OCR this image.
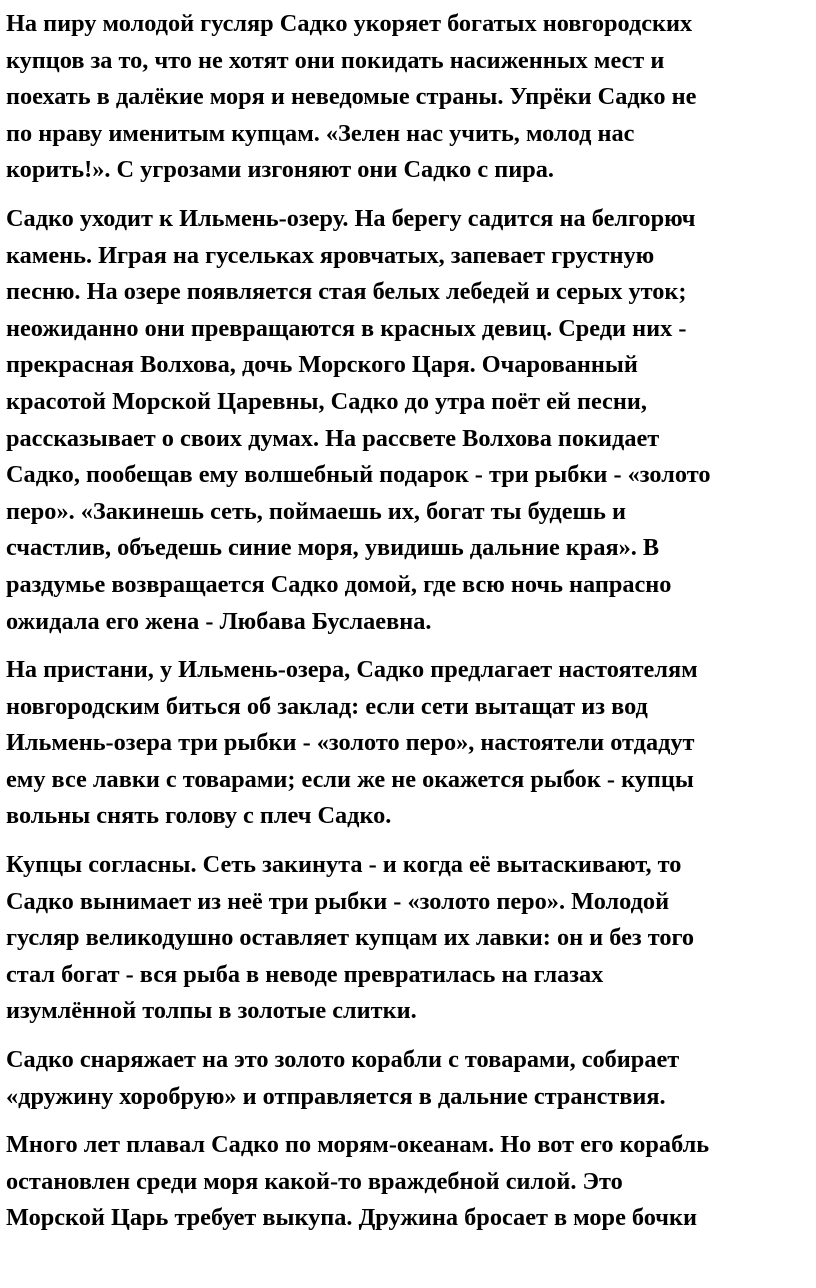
На пиру молодой гусляр Садко укоряет богатых новгородских
купцов за то, что не хотят они покидать насиженных мест и
поехать в далёкие моря и неведомые страны. Упрёки Садко не
по нраву именитым купцам. «Зелен нас учить, молод нас
корить!». С угрозами изгоняют они Садко с пира.

Садко уходит к Ильмень-озеру. На берегу садится на белгорюч
камень. Играя на гусельках яровчатых, запевает грустную
песню. На озере появляется стая белых лебедей и серых уток;
неожиданно они превращаются в красных девиц. Среди них -
прекрасная Волхова, дочь Морского Царя. Очарованный
красотой Морской Царевны, Садко до утра поёт ей песни,
рассказывает о своих думах. На рассвете Волхова покидает
Садко, пообещав ему волшебный подарок - три рыбки - «золото
перо». «Закинешь сеть, поймаешь их, богат ты будешь и
счастлив, объедешь синие моря, увидишь дальние края». В
раздумье возвращается Садко домой, где всю ночь напрасно
ожидала его жена - Любава Буслаевна.

На пристани, у Ильмень-озера, Садко предлагает настоятелям
новгородским биться об заклад: если сети вытащат из вод
Ильмень-озера три рыбки - «золото перо», настоятели отдадут
ему все лавки с товарами; если же не окажется рыбок - купцы
вольны снять голову с плеч Садко.

Купцы согласны. Сеть закинута - и когда её вытаскивают, то
Садко вынимает из неё три рыбки - «золото перо». Молодой
гусляр великодушно оставляет купцам их лавки: он и без того
стал богат - вся рыба в неводе превратилась на глазах
изумлённой толпы в золотые слитки.

Садко снаряжает на это золото корабли с товарами, собирает
«дружину хоробрую» и отправляется в дальние странствия.

Много лет плавал Садко по морям-океанам. Но вот его корабль
остановлен среди моря какой-то враждебной силой. Это
Морской Царь требует выкупа. Дружина бросает в море бочки
